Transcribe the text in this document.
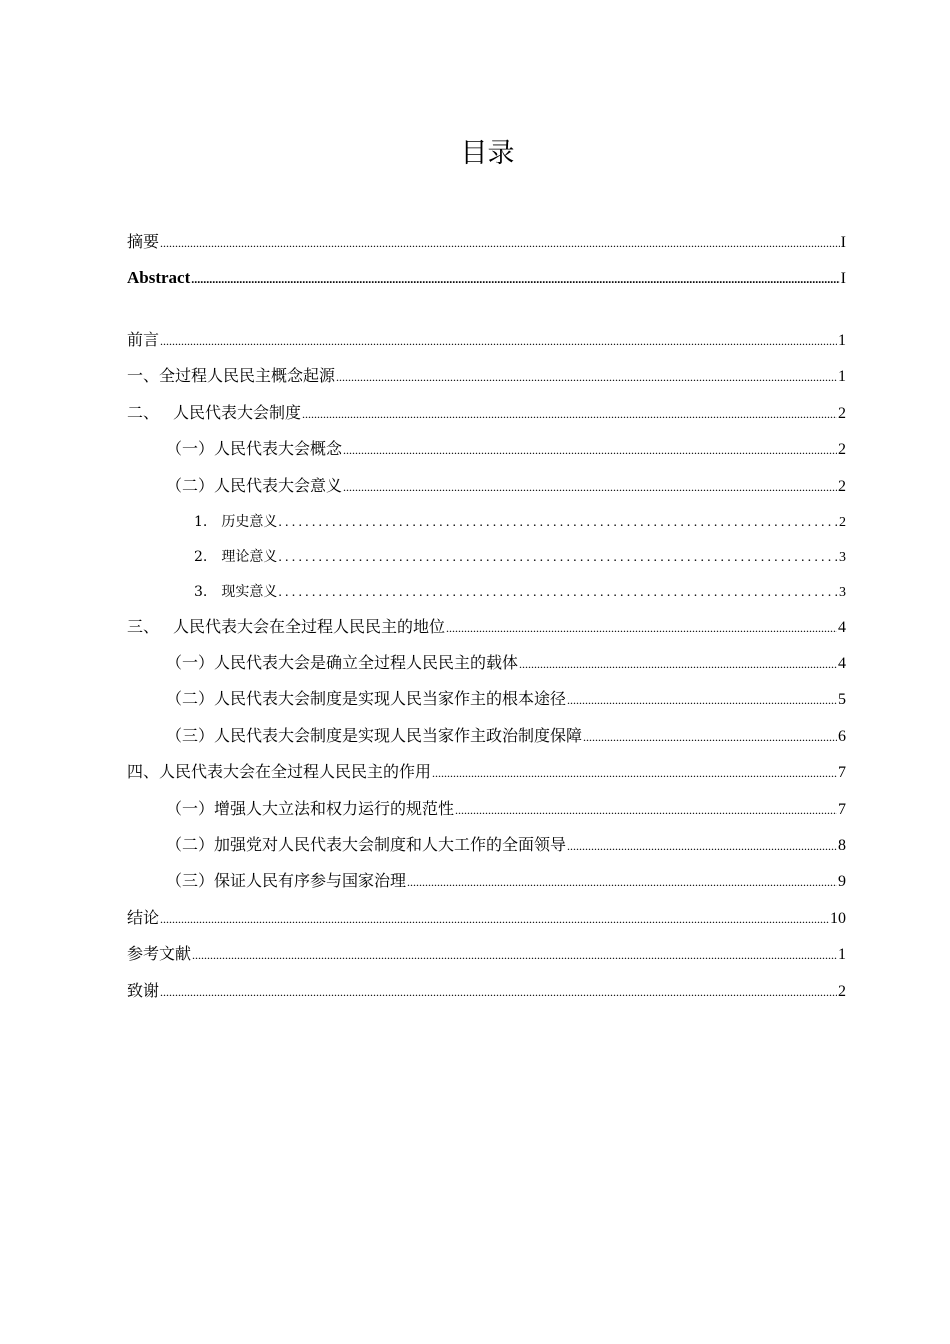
目录
摘要 .....	I
Abstract .....	I
前言 .....	1
一、全过程人民民主概念起源 .....	1
二、 人民代表大会制度 .....	2
（一）人民代表大会概念 .....	2
（二）人民代表大会意义 .....	2
1. 历史意义 .....	2
2. 理论意义 .....	3
3. 现实意义 .....	3
三、 人民代表大会在全过程人民民主的地位 .....	4
（一）人民代表大会是确立全过程人民民主的载体 .....	4
（二）人民代表大会制度是实现人民当家作主的根本途径 .....	5
（三）人民代表大会制度是实现人民当家作主政治制度保障 .....	6
四、人民代表大会在全过程人民民主的作用 .....	7
（一）增强人大立法和权力运行的规范性 .....	7
（二）加强党对人民代表大会制度和人大工作的全面领导 .....	8
（三）保证人民有序参与国家治理 .....	9
结论 .....	10
参考文献 .....	1
致谢 .....	2
